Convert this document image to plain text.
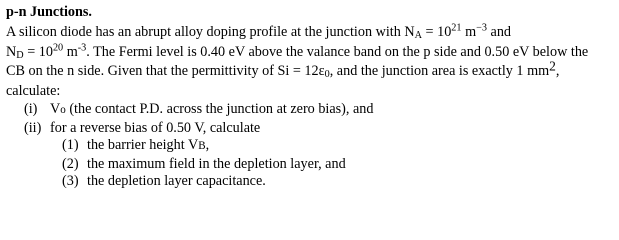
p-n Junctions.
A silicon diode has an abrupt alloy doping profile at the junction with $N_A = 10^{21}$ $m^{-3}$ and
$N_D = 10^{20}$ $m^{-3}$. The Fermi level is 0.40 eV above the valance band on the p side and 0.50 eV below the
CB on the n side. Given that the permittivity of $Si = 12\varepsilon_0$, and the junction area is exactly 1 $mm^2$,
calculate:
(i) Vo (the contact P.D. across the junction at zero bias), and
(ii) for a reverse bias of 0.50 V, calculate
(1) the barrier height VB,
(2) the maximum field in the depletion layer, and
(3) the depletion layer capacitance.
